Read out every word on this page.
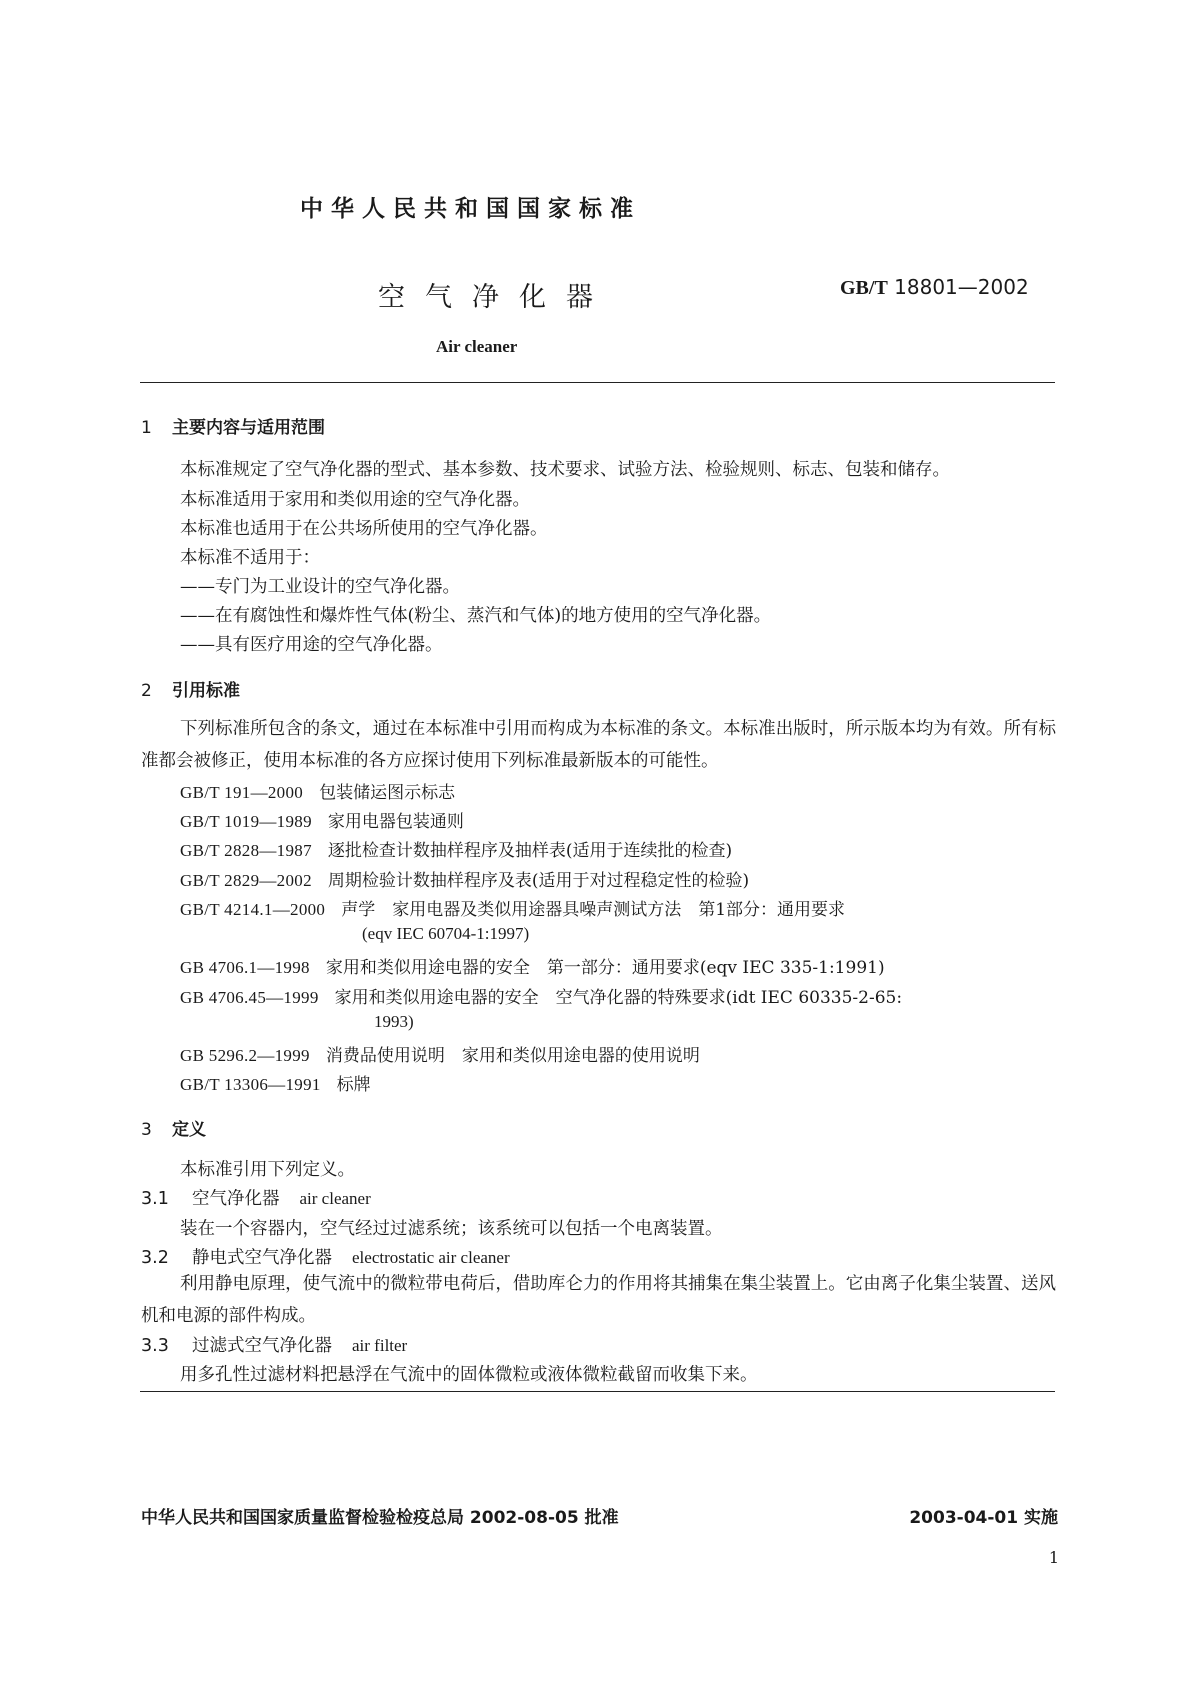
中华人民共和国国家标准
空气净化器	GB/T 18801—2002
Air cleaner
1 主要内容与适用范围
本标准规定了空气净化器的型式、基本参数、技术要求、试验方法、检验规则、标志、包装和储存。
本标准适用于家用和类似用途的空气净化器。
本标准也适用于在公共场所使用的空气净化器。
本标准不适用于：
——专门为工业设计的空气净化器。
——在有腐蚀性和爆炸性气体(粉尘、蒸汽和气体)的地方使用的空气净化器。
——具有医疗用途的空气净化器。
2 引用标准
下列标准所包含的条文，通过在本标准中引用而构成为本标准的条文。本标准出版时，所示版本均为有效。所有标准都会被修正，使用本标准的各方应探讨使用下列标准最新版本的可能性。
GB/T 191—2000 包装储运图示标志
GB/T 1019—1989 家用电器包装通则
GB/T 2828—1987 逐批检查计数抽样程序及抽样表(适用于连续批的检查)
GB/T 2829—2002 周期检验计数抽样程序及表(适用于对过程稳定性的检验)
GB/T 4214.1—2000 声学　家用电器及类似用途器具噪声测试方法　第1部分：通用要求
(eqv IEC 60704-1:1997)
GB 4706.1—1998 家用和类似用途电器的安全　第一部分：通用要求(eqv IEC 335-1:1991)
GB 4706.45—1999 家用和类似用途电器的安全　空气净化器的特殊要求(idt IEC 60335-2-65:
1993)
GB 5296.2—1999 消费品使用说明　家用和类似用途电器的使用说明
GB/T 13306—1991 标牌
3 定义
本标准引用下列定义。
3.1 空气净化器 air cleaner
装在一个容器内，空气经过过滤系统；该系统可以包括一个电离装置。
3.2 静电式空气净化器 electrostatic air cleaner
利用静电原理，使气流中的微粒带电荷后，借助库仑力的作用将其捕集在集尘装置上。它由离子化集尘装置、送风机和电源的部件构成。
3.3 过滤式空气净化器 air filter
用多孔性过滤材料把悬浮在气流中的固体微粒或液体微粒截留而收集下来。
中华人民共和国国家质量监督检验检疫总局 2002-08-05 批准	2003-04-01 实施
1
